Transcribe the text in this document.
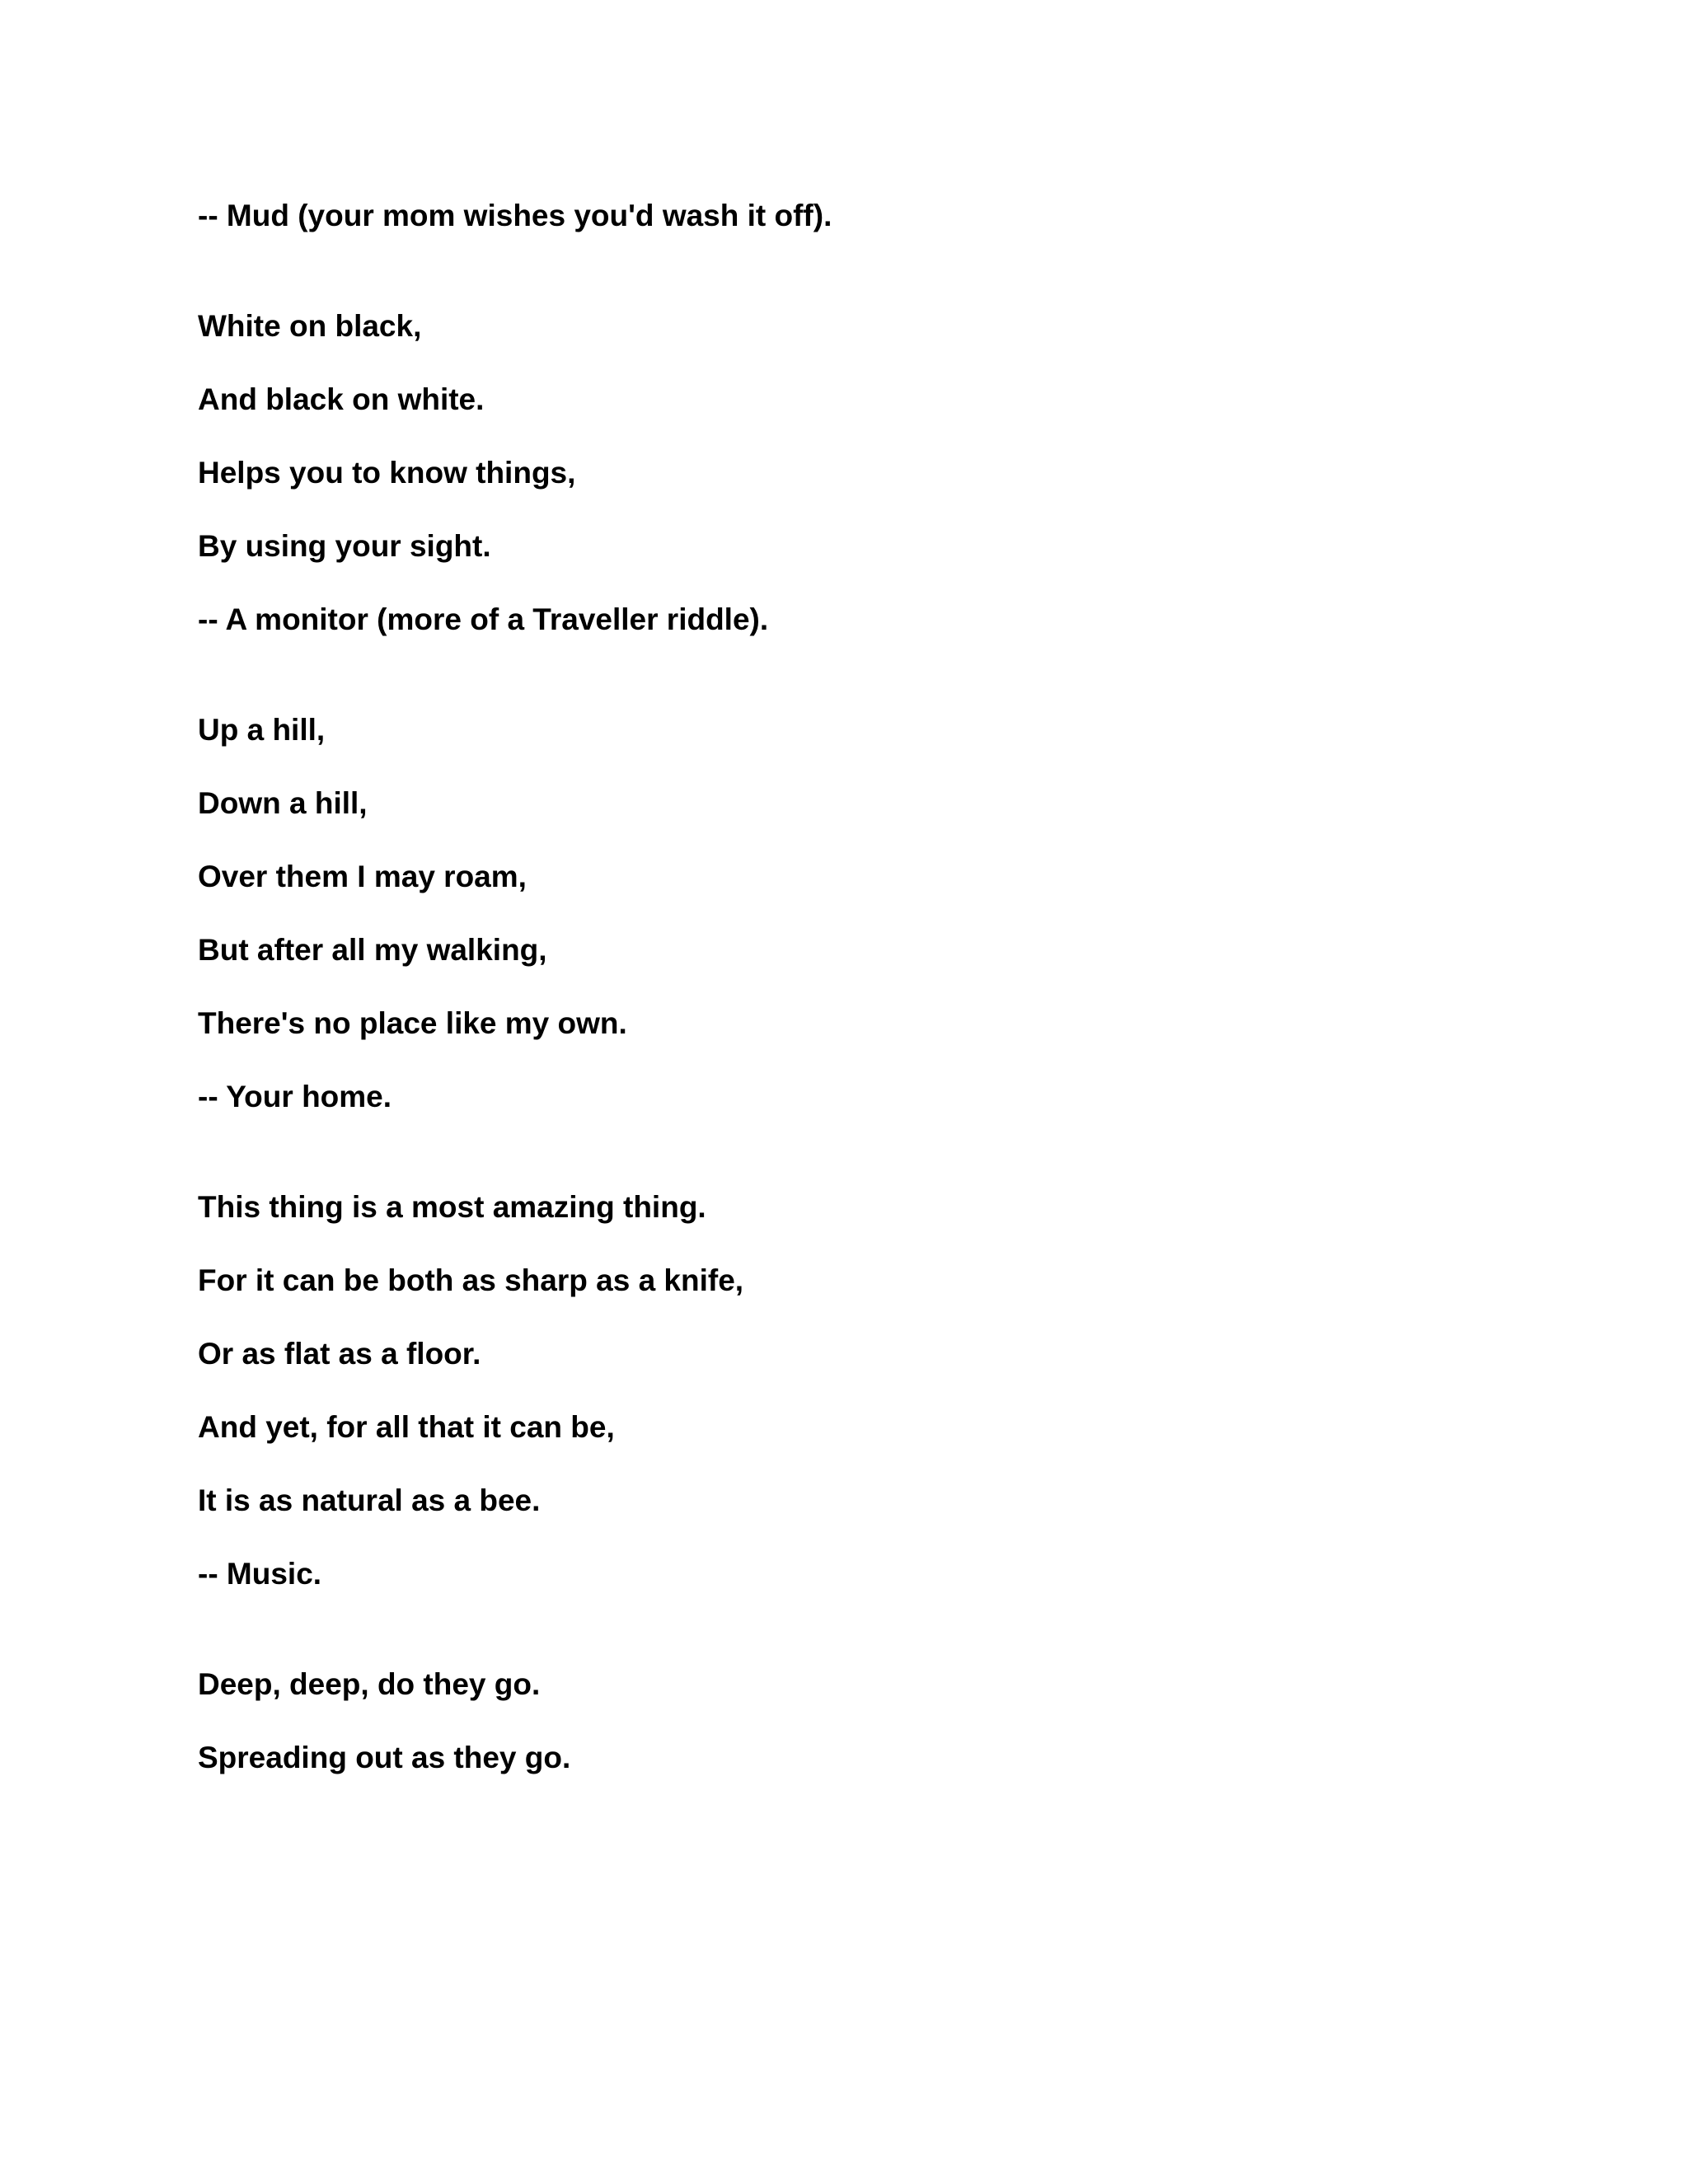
-- Mud (your mom wishes you'd wash it off).
White on black,
And black on white.
Helps you to know things,
By using your sight.
-- A monitor (more of a Traveller riddle).
Up a hill,
Down a hill,
Over them I may roam,
But after all my walking,
There's no place like my own.
-- Your home.
This thing is a most amazing thing.
For it can be both as sharp as a knife,
Or as flat as a floor.
And yet, for all that it can be,
It is as natural as a bee.
-- Music.
Deep, deep, do they go.
Spreading out as they go.
